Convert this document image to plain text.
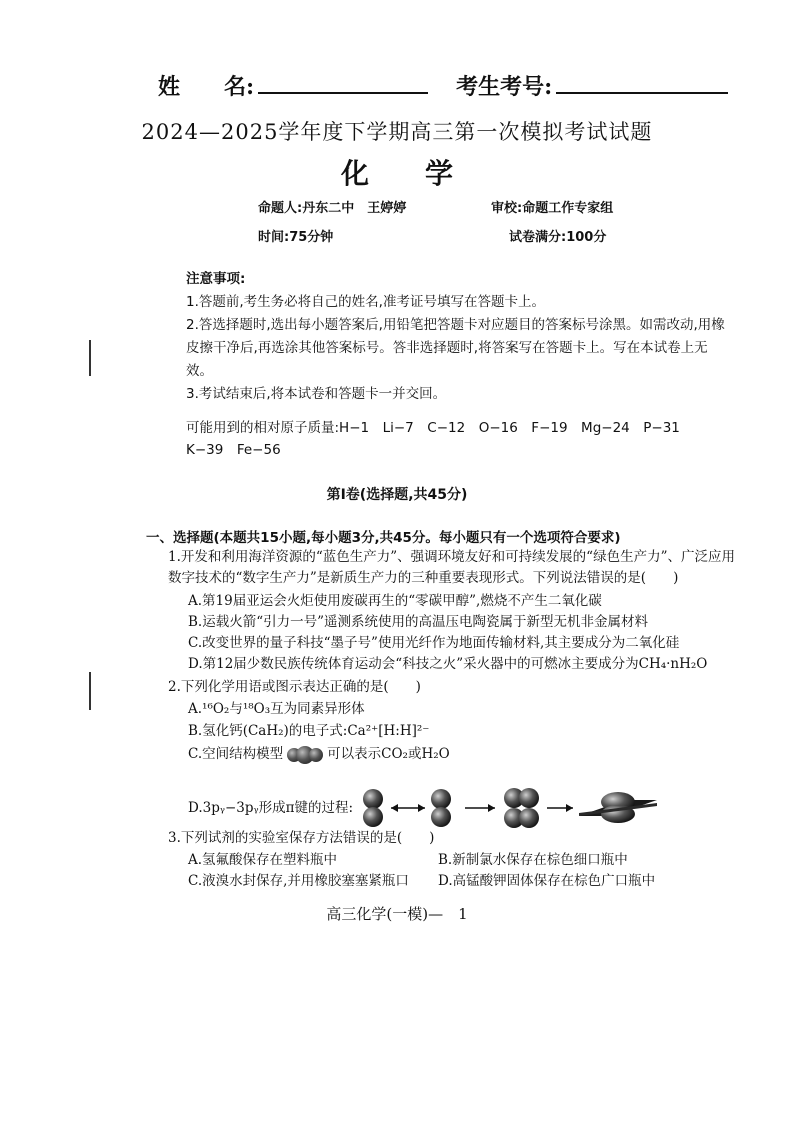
姓　　名:	考生考号:
2024—2025学年度下学期高三第一次模拟考试试题
化　　学
命题人:丹东二中　王婷婷	审校:命题工作专家组
时间:75分钟	试卷满分:100分

注意事项:

1.答题前,考生务必将自己的姓名,准考证号填写在答题卡上。

2.答选择题时,选出每小题答案后,用铅笔把答题卡对应题目的答案标号涂黑。如需改动,用橡皮擦干净后,再选涂其他答案标号。答非选择题时,将答案写在答题卡上。写在本试卷上无效。

3.考试结束后,将本试卷和答题卡一并交回。

可能用到的相对原子质量:H−1　Li−7　C−12　O−16　F−19　Mg−24　P−31
K−39　Fe−56
第Ⅰ卷(选择题,共45分)
一、选择题(本题共15小题,每小题3分,共45分。每小题只有一个选项符合要求)

1.开发和利用海洋资源的“蓝色生产力”、强调环境友好和可持续发展的“绿色生产力”、广泛应用数字技术的“数字生产力”是新质生产力的三种重要表现形式。下列说法错误的是(　　)

A.第19届亚运会火炬使用废碳再生的“零碳甲醇”,燃烧不产生二氧化碳
B.运载火箭“引力一号”遥测系统使用的高温压电陶瓷属于新型无机非金属材料
C.改变世界的量子科技“墨子号”使用光纤作为地面传输材料,其主要成分为二氧化硅
D.第12届少数民族传统体育运动会“科技之火”采火器中的可燃冰主要成分为CH₄·nH₂O
2.下列化学用语或图示表达正确的是(　　)
A.¹⁶O₂与¹⁸O₃互为同素异形体
B.氢化钙(CaH₂)的电子式:Ca²⁺[H:H]²⁻
C.空间结构模型	可以表示CO₂或H₂O
D.3pᵧ−3pᵧ形成π键的过程:
3.下列试剂的实验室保存方法错误的是(　　)
A.氢氟酸保存在塑料瓶中	B.新制氯水保存在棕色细口瓶中
C.液溴水封保存,并用橡胶塞塞紧瓶口 D.高锰酸钾固体保存在棕色广口瓶中
高三化学(一模)—　1
